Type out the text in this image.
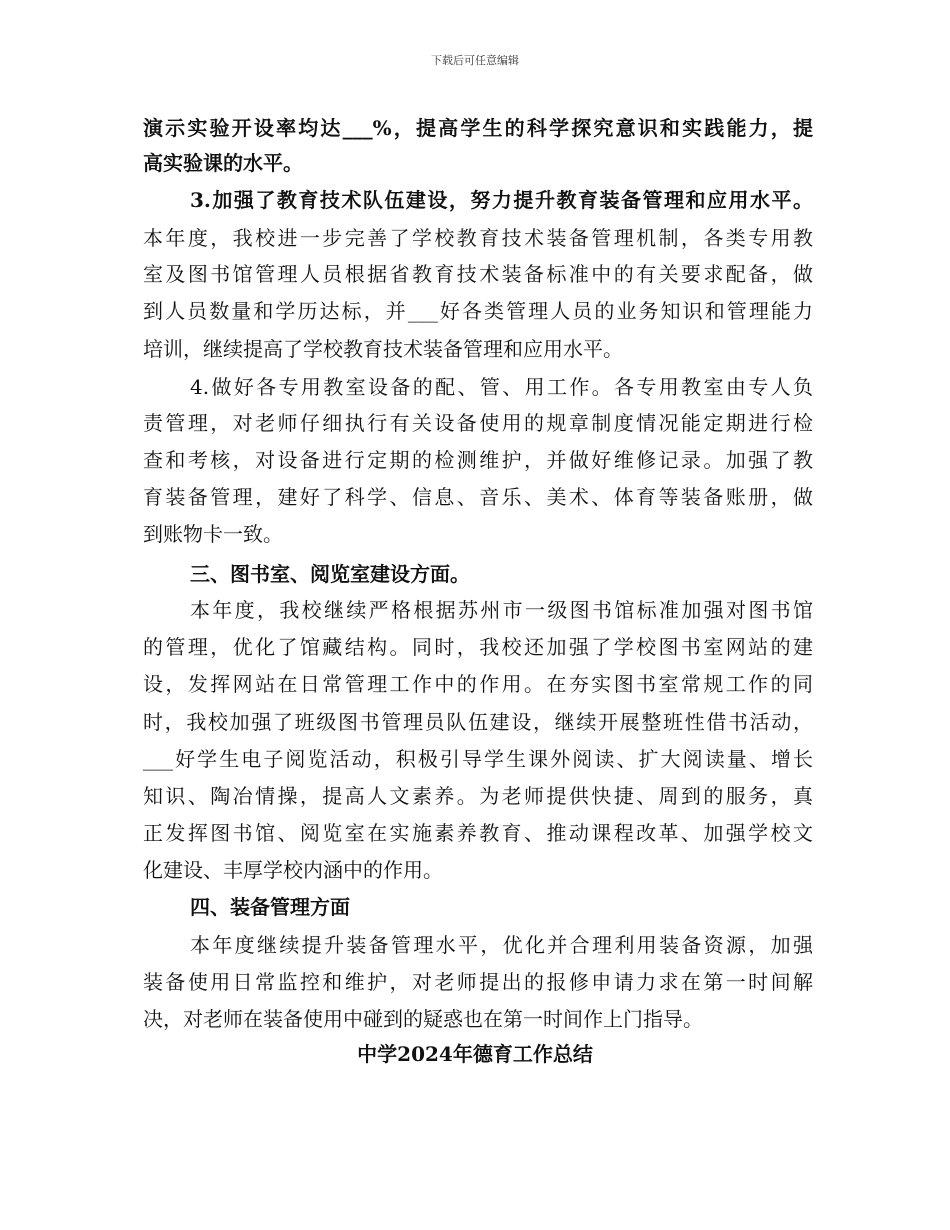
下载后可任意编辑
演示实验开设率均达___%，提高学生的科学探究意识和实践能力，提
高实验课的水平。
3.加强了教育技术队伍建设，努力提升教育装备管理和应用水平。
本年度，我校进一步完善了学校教育技术装备管理机制，各类专用教
室及图书馆管理人员根据省教育技术装备标准中的有关要求配备，做
到人员数量和学历达标，并___好各类管理人员的业务知识和管理能力
培训，继续提高了学校教育技术装备管理和应用水平。
4.做好各专用教室设备的配、管、用工作。各专用教室由专人负
责管理，对老师仔细执行有关设备使用的规章制度情况能定期进行检
查和考核，对设备进行定期的检测维护，并做好维修记录。加强了教
育装备管理，建好了科学、信息、音乐、美术、体育等装备账册，做
到账物卡一致。
三、图书室、阅览室建设方面。
本年度，我校继续严格根据苏州市一级图书馆标准加强对图书馆
的管理，优化了馆藏结构。同时，我校还加强了学校图书室网站的建
设，发挥网站在日常管理工作中的作用。在夯实图书室常规工作的同
时，我校加强了班级图书管理员队伍建设，继续开展整班性借书活动，
___好学生电子阅览活动，积极引导学生课外阅读、扩大阅读量、增长
知识、陶冶情操，提高人文素养。为老师提供快捷、周到的服务，真
正发挥图书馆、阅览室在实施素养教育、推动课程改革、加强学校文
化建设、丰厚学校内涵中的作用。
四、装备管理方面
本年度继续提升装备管理水平，优化并合理利用装备资源，加强
装备使用日常监控和维护，对老师提出的报修申请力求在第一时间解
决，对老师在装备使用中碰到的疑惑也在第一时间作上门指导。
中学2024年德育工作总结
